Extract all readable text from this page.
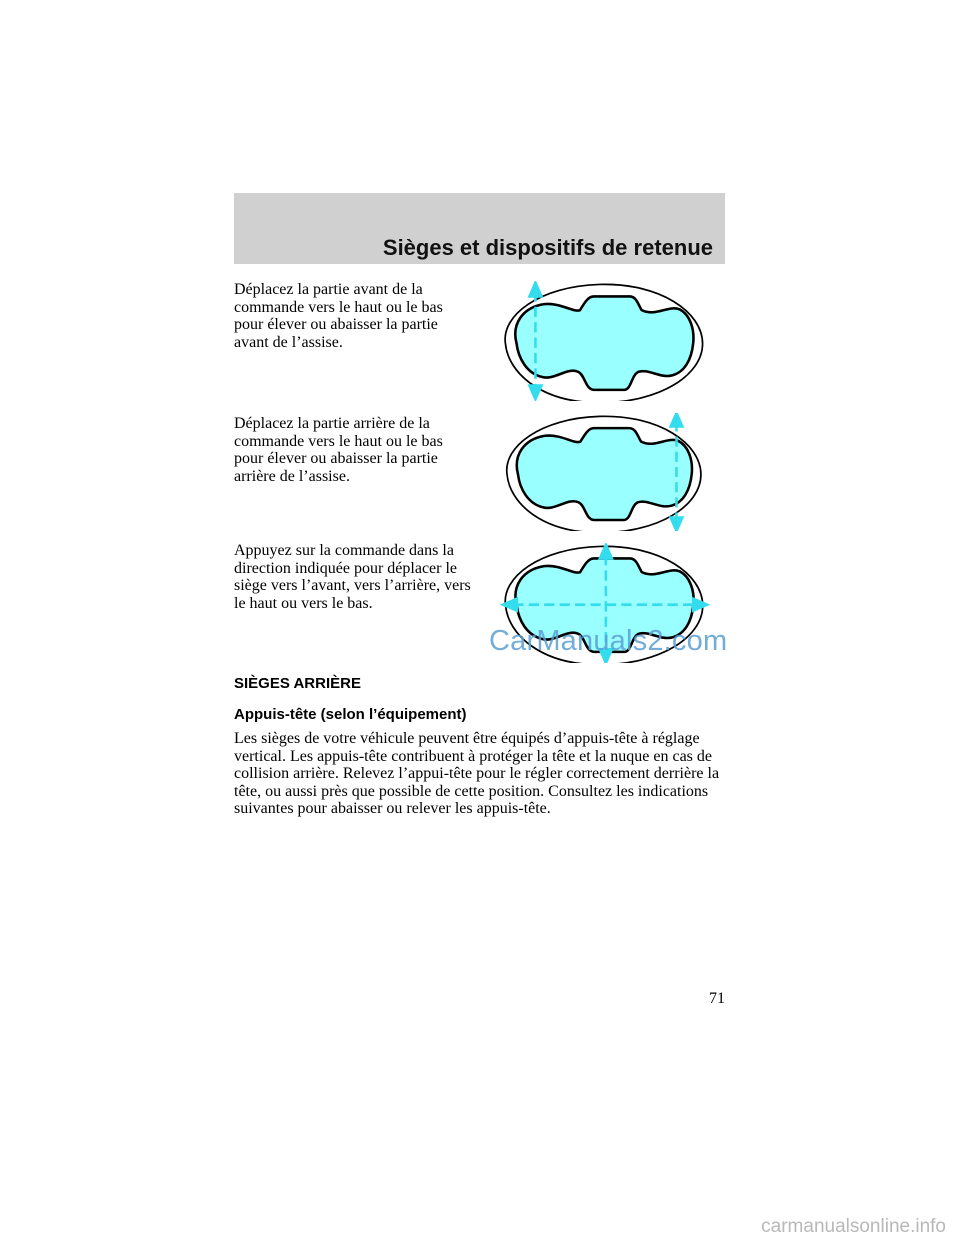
Sièges et dispositifs de retenue

Déplacez la partie avant de la commande vers le haut ou le bas pour élever ou abaisser la partie avant de l’assise.

Déplacez la partie arrière de la commande vers le haut ou le bas pour élever ou abaisser la partie arrière de l’assise.

Appuyez sur la commande dans la direction indiquée pour déplacer le siège vers l’avant, vers l’arrière, vers le haut ou vers le bas.

CarManuals2.com
SIÈGES ARRIÈRE
Appuis-tête (selon l’équipement)

Les sièges de votre véhicule peuvent être équipés d’appuis-tête à réglage vertical. Les appuis-tête contribuent à protéger la tête et la nuque en cas de collision arrière. Relevez l’appui-tête pour le régler correctement derrière la tête, ou aussi près que possible de cette position. Consultez les indications suivantes pour abaisser ou relever les appuis-tête.

71
carmanualsonline.info
